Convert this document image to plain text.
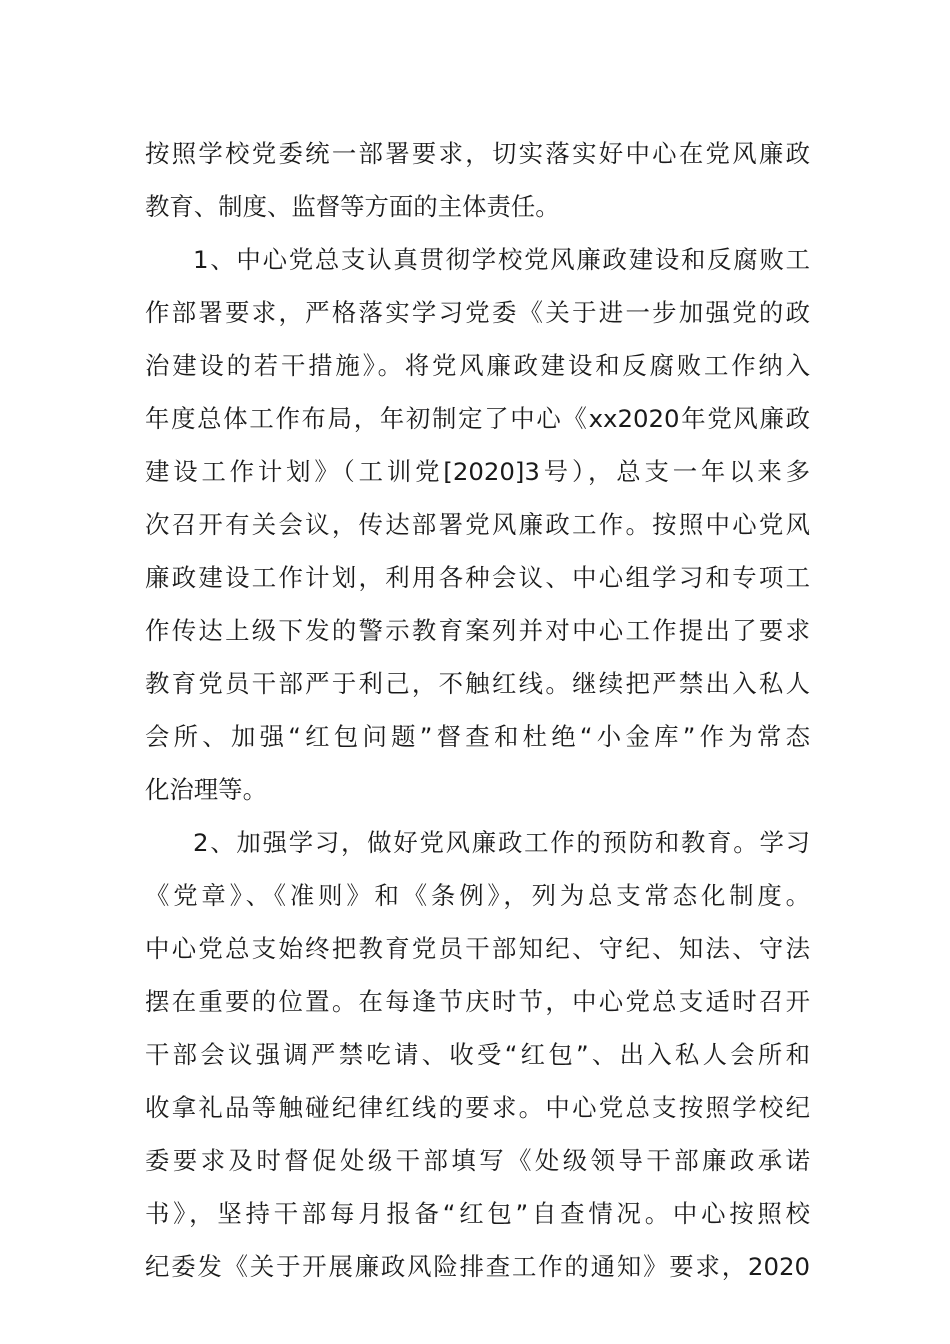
按照学校党委统一部署要求，切实落实好中心在党风廉政
教育、制度、监督等方面的主体责任。
1、中心党总支认真贯彻学校党风廉政建设和反腐败工
作部署要求，严格落实学习党委《关于进一步加强党的政
治建设的若干措施》。将党风廉政建设和反腐败工作纳入
年度总体工作布局，年初制定了中心《xx2020年党风廉政
建设工作计划》（工训党[2020]3号），总支一年以来多
次召开有关会议，传达部署党风廉政工作。按照中心党风
廉政建设工作计划，利用各种会议、中心组学习和专项工
作传达上级下发的警示教育案列并对中心工作提出了要求
教育党员干部严于利己，不触红线。继续把严禁出入私人
会所、加强“红包问题”督查和杜绝“小金库”作为常态
化治理等。
2、加强学习，做好党风廉政工作的预防和教育。学习
《党章》、《准则》和《条例》，列为总支常态化制度。
中心党总支始终把教育党员干部知纪、守纪、知法、守法
摆在重要的位置。在每逢节庆时节，中心党总支适时召开
干部会议强调严禁吃请、收受“红包”、出入私人会所和
收拿礼品等触碰纪律红线的要求。中心党总支按照学校纪
委要求及时督促处级干部填写《处级领导干部廉政承诺
书》，坚持干部每月报备“红包”自查情况。中心按照校
纪委发《关于开展廉政风险排查工作的通知》要求，2020
